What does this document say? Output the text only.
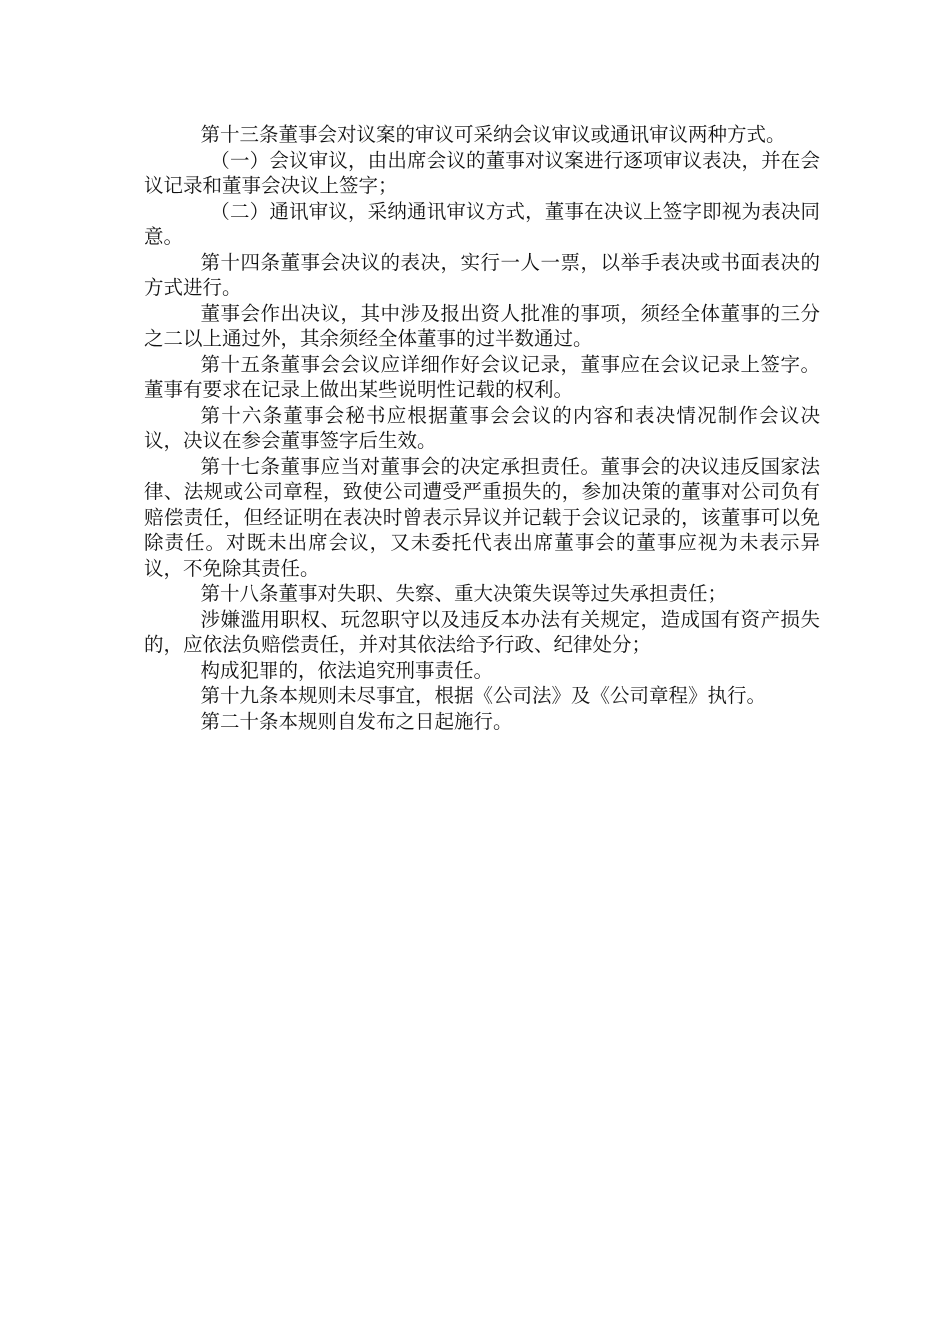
第十三条董事会对议案的审议可采纳会议审议或通讯审议两种方式。

（一）会议审议，由出席会议的董事对议案进行逐项审议表决，并在会议记录和董事会决议上签字；

（二）通讯审议，采纳通讯审议方式，董事在决议上签字即视为表决同意。

第十四条董事会决议的表决，实行一人一票，以举手表决或书面表决的方式进行。

董事会作出决议，其中涉及报出资人批准的事项，须经全体董事的三分之二以上通过外，其余须经全体董事的过半数通过。

第十五条董事会会议应详细作好会议记录，董事应在会议记录上签字。董事有要求在记录上做出某些说明性记载的权利。

第十六条董事会秘书应根据董事会会议的内容和表决情况制作会议决议，决议在参会董事签字后生效。

第十七条董事应当对董事会的决定承担责任。董事会的决议违反国家法律、法规或公司章程，致使公司遭受严重损失的，参加决策的董事对公司负有赔偿责任，但经证明在表决时曾表示异议并记载于会议记录的，该董事可以免除责任。对既未出席会议，又未委托代表出席董事会的董事应视为未表示异议，不免除其责任。

第十八条董事对失职、失察、重大决策失误等过失承担责任；

涉嫌滥用职权、玩忽职守以及违反本办法有关规定，造成国有资产损失的，应依法负赔偿责任，并对其依法给予行政、纪律处分；

构成犯罪的，依法追究刑事责任。

第十九条本规则未尽事宜，根据《公司法》及《公司章程》执行。

第二十条本规则自发布之日起施行。
